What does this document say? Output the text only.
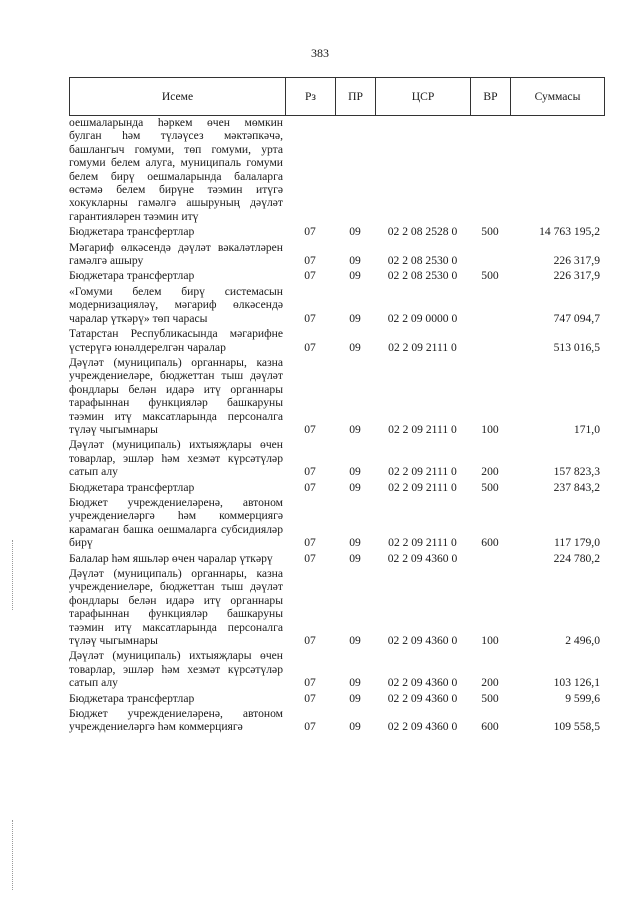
383
Исеме	Рз	ПР	ЦСР	ВР	Суммасы
оешмаларында һәркем өчен мөмкин булган һәм түләүсез мәктәпкәчә, башлангыч гомуми, төп гомуми, урта гомуми белем алуга, муниципаль гомуми белем бирү оешмаларында балаларга өстәмә белем бирүне тәэмин итүгә хокукларны гамәлгә ашыруның дәүләт гарантияләрен тәэмин итү					
Бюджетара трансфертлар	07	09	02 2 08 2528 0	500	14 763 195,2
Мәгариф өлкәсендә дәүләт вәкаләтләрен гамәлгә ашыру	07	09	02 2 08 2530 0		226 317,9
Бюджетара трансфертлар	07	09	02 2 08 2530 0	500	226 317,9
«Гомуми белем бирү системасын модернизацияләү, мәгариф өлкәсендә чаралар үткәрү» төп чарасы	07	09	02 2 09 0000 0		747 094,7
Татарстан Республикасында мәгарифне үстерүгә юнәлдерелгән чаралар	07	09	02 2 09 2111 0		513 016,5
Дәүләт (муниципаль) органнары, казна учреждениеләре, бюджеттан тыш дәүләт фондлары белән идарә итү органнары тарафыннан функцияләр башкаруны тәэмин итү максатларында персоналга түләү чыгымнары	07	09	02 2 09 2111 0	100	171,0
Дәүләт (муниципаль) ихтыяҗлары өчен товарлар, эшләр һәм хезмәт күрсәтүләр сатып алу	07	09	02 2 09 2111 0	200	157 823,3
Бюджетара трансфертлар	07	09	02 2 09 2111 0	500	237 843,2
Бюджет учреждениеләренә, автоном учреждениеләргә һәм коммерциягә карамаган башка оешмаларга субсидияләр бирү	07	09	02 2 09 2111 0	600	117 179,0
Балалар һәм яшьләр өчен чаралар үткәрү	07	09	02 2 09 4360 0		224 780,2
Дәүләт (муниципаль) органнары, казна учреждениеләре, бюджеттан тыш дәүләт фондлары белән идарә итү органнары тарафыннан функцияләр башкаруны тәэмин итү максатларында персоналга түләү чыгымнары	07	09	02 2 09 4360 0	100	2 496,0
Дәүләт (муниципаль) ихтыяҗлары өчен товарлар, эшләр һәм хезмәт күрсәтүләр сатып алу	07	09	02 2 09 4360 0	200	103 126,1
Бюджетара трансфертлар	07	09	02 2 09 4360 0	500	9 599,6
Бюджет учреждениеләренә, автоном учреждениеләргә һәм коммерциягә	07	09	02 2 09 4360 0	600	109 558,5
